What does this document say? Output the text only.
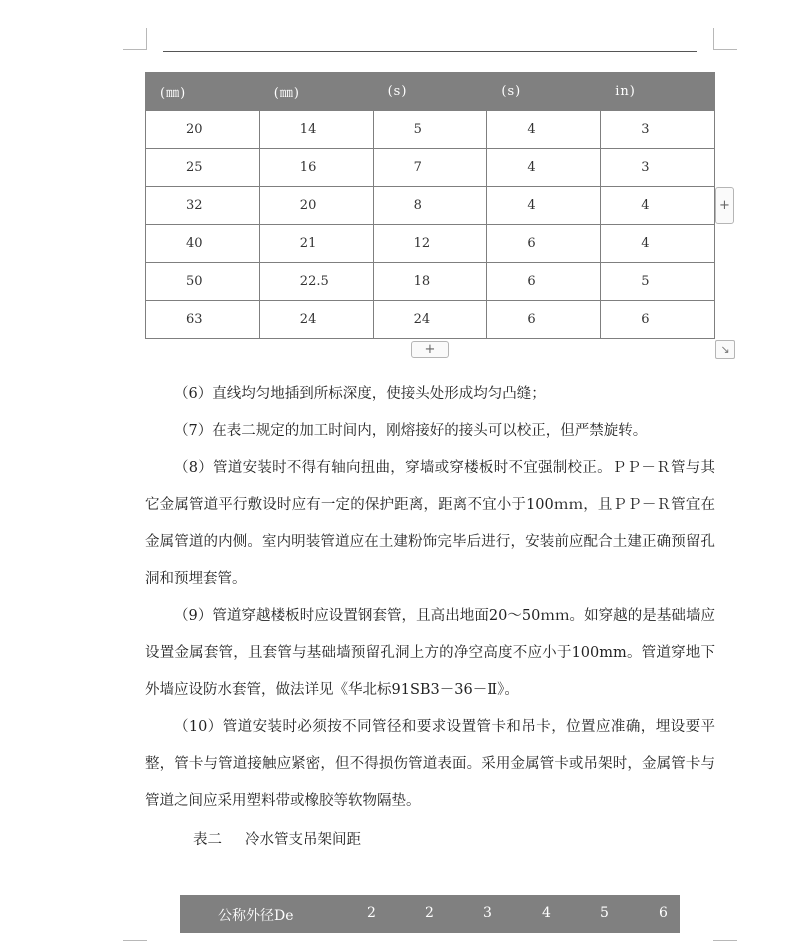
(㎜)	(㎜)	(s)	(s)	in)
20	14	5	4	3
25	16	7	4	3
32	20	8	4	4
40	21	12	6	4
50	22.5	18	6	5
63	24	24	6	6
+
+	↘

（6）直线均匀地插到所标深度，使接头处形成均匀凸缝；

（7）在表二规定的加工时间内，刚熔接好的接头可以校正，但严禁旋转。

（8）管道安装时不得有轴向扭曲，穿墙或穿楼板时不宜强制校正。ＰＰ－Ｒ管与其它金属管道平行敷设时应有一定的保护距离，距离不宜小于100ｍｍ，且ＰＰ－Ｒ管宜在金属管道的内侧。室内明装管道应在土建粉饰完毕后进行，安装前应配合土建正确预留孔洞和预埋套管。

（9）管道穿越楼板时应设置钢套管，且高出地面20～50ｍｍ。如穿越的是基础墙应设置金属套管，且套管与基础墙预留孔洞上方的净空高度不应小于100mm。管道穿地下外墙应设防水套管，做法详见《华北标91SB3－36－Ⅱ》。

（10）管道安装时必须按不同管径和要求设置管卡和吊卡，位置应准确，埋设要平整，管卡与管道接触应紧密，但不得损伤管道表面。采用金属管卡或吊架时，金属管卡与管道之间应采用塑料带或橡胶等软物隔垫。

表二     冷水管支吊架间距
公称外径De	2	2	3	4	5	6
